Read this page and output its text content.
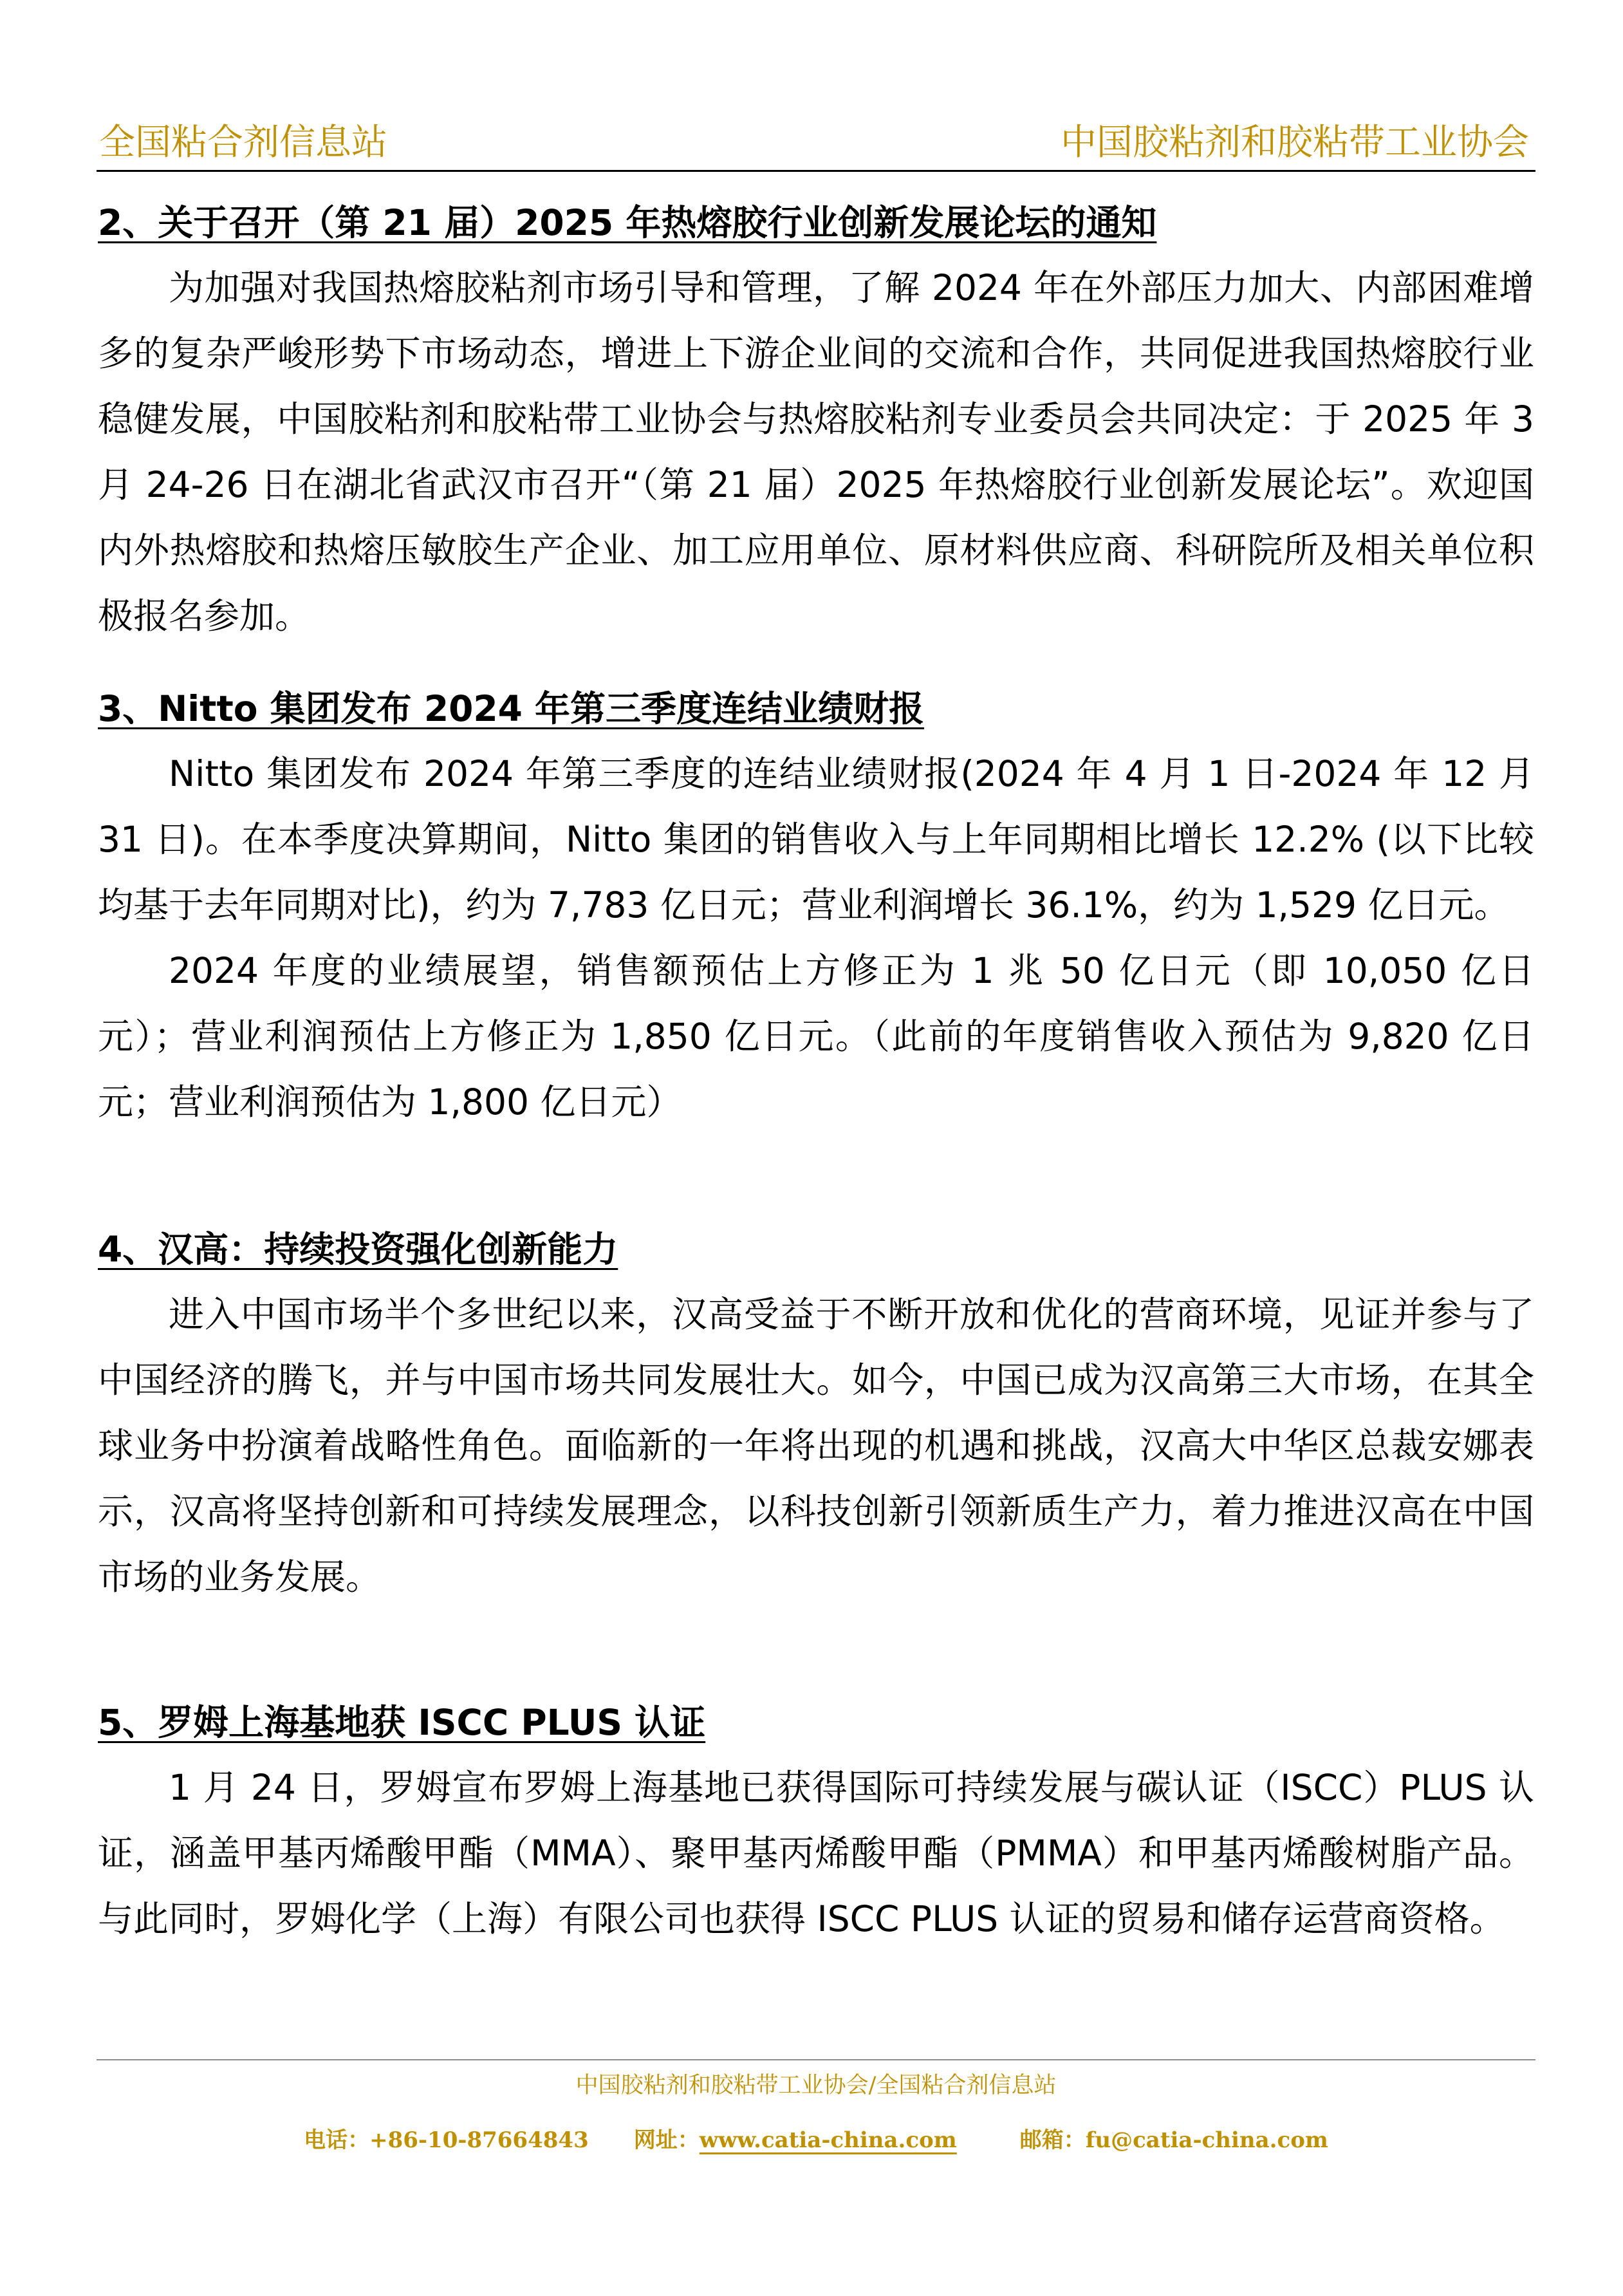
全国粘合剂信息站	中国胶粘剂和胶粘带工业协会
2、关于召开（第 21 届）2025 年热熔胶行业创新发展论坛的通知

为加强对我国热熔胶粘剂市场引导和管理，了解 2024 年在外部压力加大、内部困难增多的复杂严峻形势下市场动态，增进上下游企业间的交流和合作，共同促进我国热熔胶行业稳健发展，中国胶粘剂和胶粘带工业协会与热熔胶粘剂专业委员会共同决定：于 2025 年 3 月 24-26 日在湖北省武汉市召开“（第 21 届）2025 年热熔胶行业创新发展论坛”。欢迎国内外热熔胶和热熔压敏胶生产企业、加工应用单位、原材料供应商、科研院所及相关单位积极报名参加。

3、Nitto 集团发布 2024 年第三季度连结业绩财报

Nitto 集团发布 2024 年第三季度的连结业绩财报(2024 年 4 月 1 日-2024 年 12 月 31 日)。在本季度决算期间，Nitto 集团的销售收入与上年同期相比增长 12.2% (以下比较均基于去年同期对比)，约为 7,783 亿日元；营业利润增长 36.1%，约为 1,529 亿日元。

2024 年度的业绩展望，销售额预估上方修正为 1 兆 50 亿日元（即 10,050 亿日元）；营业利润预估上方修正为 1,850 亿日元。（此前的年度销售收入预估为 9,820 亿日元；营业利润预估为 1,800 亿日元）

4、汉高：持续投资强化创新能力

进入中国市场半个多世纪以来，汉高受益于不断开放和优化的营商环境，见证并参与了中国经济的腾飞，并与中国市场共同发展壮大。如今，中国已成为汉高第三大市场，在其全球业务中扮演着战略性角色。面临新的一年将出现的机遇和挑战，汉高大中华区总裁安娜表示，汉高将坚持创新和可持续发展理念，以科技创新引领新质生产力，着力推进汉高在中国市场的业务发展。

5、罗姆上海基地获 ISCC PLUS 认证

1 月 24 日，罗姆宣布罗姆上海基地已获得国际可持续发展与碳认证（ISCC）PLUS 认证，涵盖甲基丙烯酸甲酯（MMA）、聚甲基丙烯酸甲酯（PMMA）和甲基丙烯酸树脂产品。与此同时，罗姆化学（上海）有限公司也获得 ISCC PLUS 认证的贸易和储存运营商资格。

中国胶粘剂和胶粘带工业协会/全国粘合剂信息站
电话：+86-10-87664843 网址：www.catia-china.com	邮箱：fu@catia-china.com
